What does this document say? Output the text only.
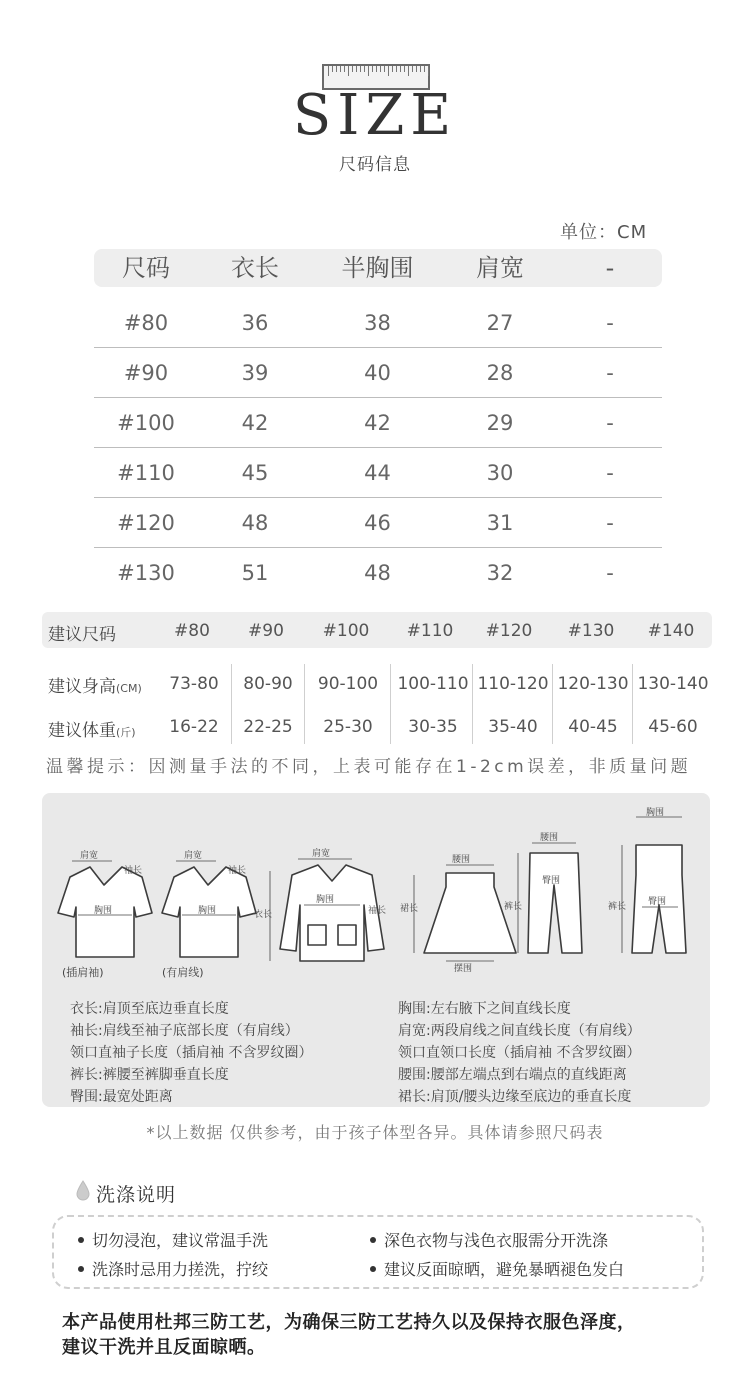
SIZE
尺码信息
单位：CM
尺码	衣长	半胸围	肩宽	-
#80	36	38	27	-
#90	39	40	28	-
#100	42	42	29	-
#110	45	44	30	-
#120	48	46	31	-
#130	51	48	32	-
建议尺码	#80	#90	#100	#110	#120	#130	#140
建议身高(CM)	73-80	80-90	90-100	100-110 110-120 120-130 130-140
建议体重(斤)	16-22	22-25	25-30	30-35	35-40	40-45	45-60
温馨提示：因测量手法的不同，上表可能存在1-2cm误差，非质量问题
肩宽
袖长
胸围
肩宽
袖长
胸围
肩宽
胸围
衣长	袖长
腰围
裙长
摆围
腰围
臀围
裤长
胸围
裤长 臀围
(插肩袖)	(有肩线)
衣长:肩顶至底边垂直长度
袖长:肩线至袖子底部长度（有肩线）
领口直袖子长度（插肩袖 不含罗纹圈）
裤长:裤腰至裤脚垂直长度
臀围:最宽处距离
胸围:左右腋下之间直线长度
肩宽:两段肩线之间直线长度（有肩线）
领口直领口长度（插肩袖 不含罗纹圈）
腰围:腰部左端点到右端点的直线距离
裙长:肩顶/腰头边缘至底边的垂直长度
*以上数据 仅供参考，由于孩子体型各异。具体请参照尺码表
洗涤说明
切勿浸泡，建议常温手洗	深色衣物与浅色衣服需分开洗涤
洗涤时忌用力搓洗，拧绞	建议反面晾晒，避免暴晒褪色发白
本产品使用杜邦三防工艺，为确保三防工艺持久以及保持衣服色泽度，
建议干洗并且反面晾晒。
